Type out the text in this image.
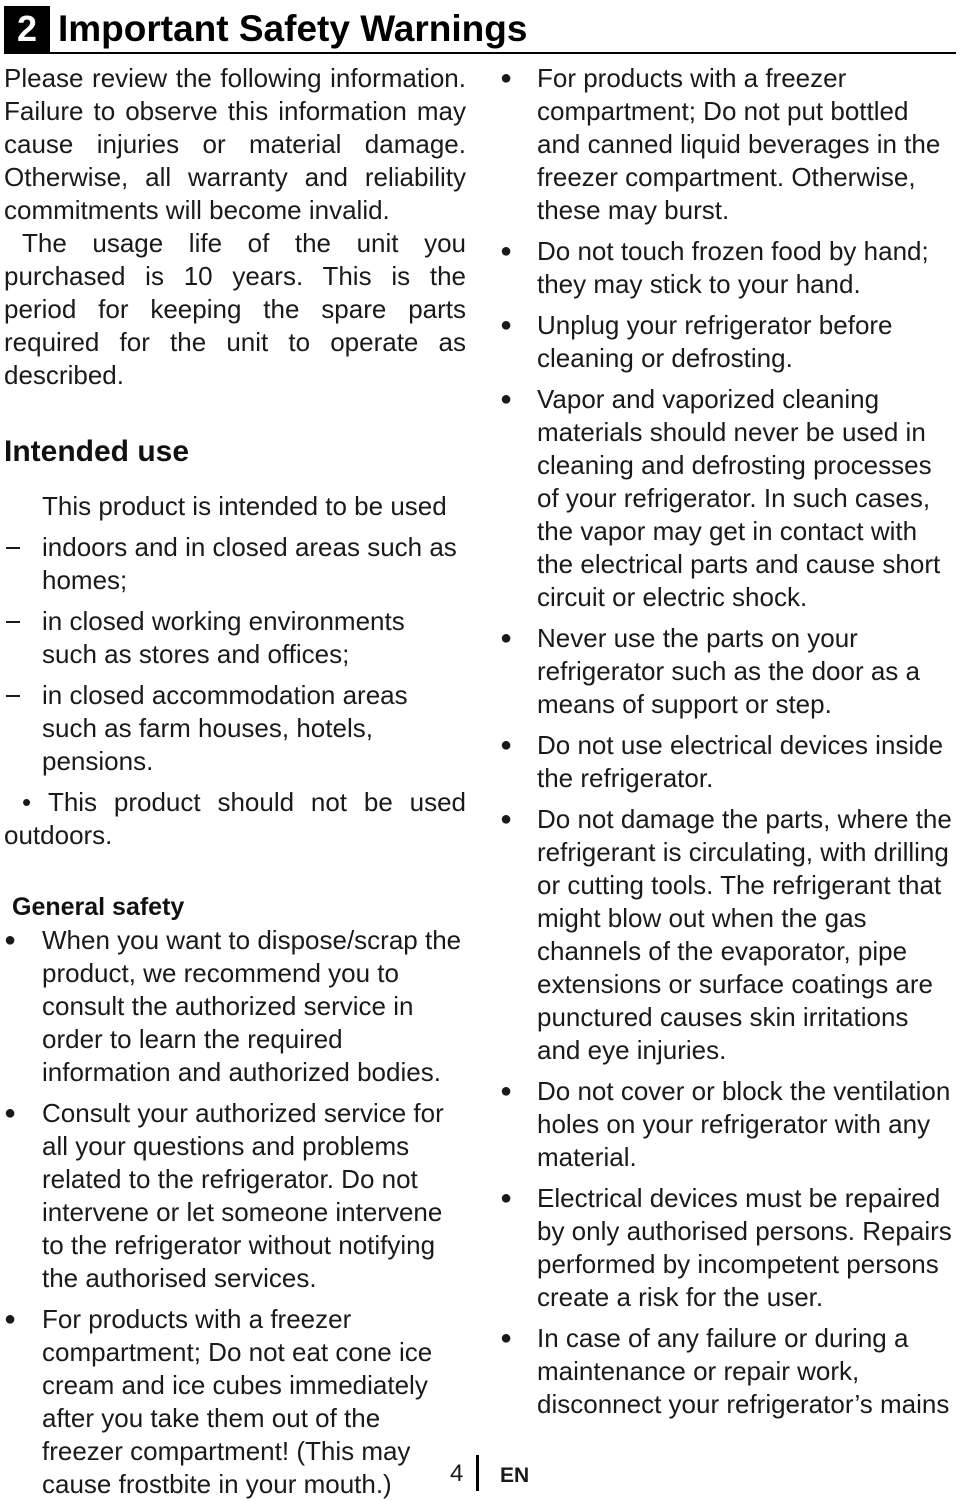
2 Important Safety Warnings

Please review the following information. Failure to observe this information may cause injuries or material damage. Otherwise, all warranty and reliability commitments will become invalid.

The usage life of the unit you purchased is 10 years. This is the period for keeping the spare parts required for the unit to operate as described.

Intended use

This product is intended to be used

indoors and in closed areas such as homes;
in closed working environments such as stores and offices;
in closed accommodation areas such as farm houses, hotels, pensions.

• This product should not be used outdoors.

General safety
● When you want to dispose/scrap the product, we recommend you to consult the authorized service in order to learn the required information and authorized bodies.
● Consult your authorized service for all your questions and problems related to the refrigerator. Do not intervene or let someone intervene to the refrigerator without notifying the authorised services.
● For products with a freezer compartment; Do not eat cone ice cream and ice cubes immediately after you take them out of the freezer compartment! (This may cause frostbite in your mouth.)
● For products with a freezer compartment; Do not put bottled and canned liquid beverages in the freezer compartment. Otherwise, these may burst.
● Do not touch frozen food by hand; they may stick to your hand.
● Unplug your refrigerator before cleaning or defrosting.
● Vapor and vaporized cleaning materials should never be used in cleaning and defrosting processes of your refrigerator. In such cases, the vapor may get in contact with the electrical parts and cause short circuit or electric shock.
● Never use the parts on your refrigerator such as the door as a means of support or step.
● Do not use electrical devices inside the refrigerator.
● Do not damage the parts, where the refrigerant is circulating, with drilling or cutting tools. The refrigerant that might blow out when the gas channels of the evaporator, pipe extensions or surface coatings are punctured causes skin irritations and eye injuries.
● Do not cover or block the ventilation holes on your refrigerator with any material.
● Electrical devices must be repaired by only authorised persons. Repairs performed by incompetent persons create a risk for the user.
● In case of any failure or during a maintenance or repair work, disconnect your refrigerator’s mains
4 EN
